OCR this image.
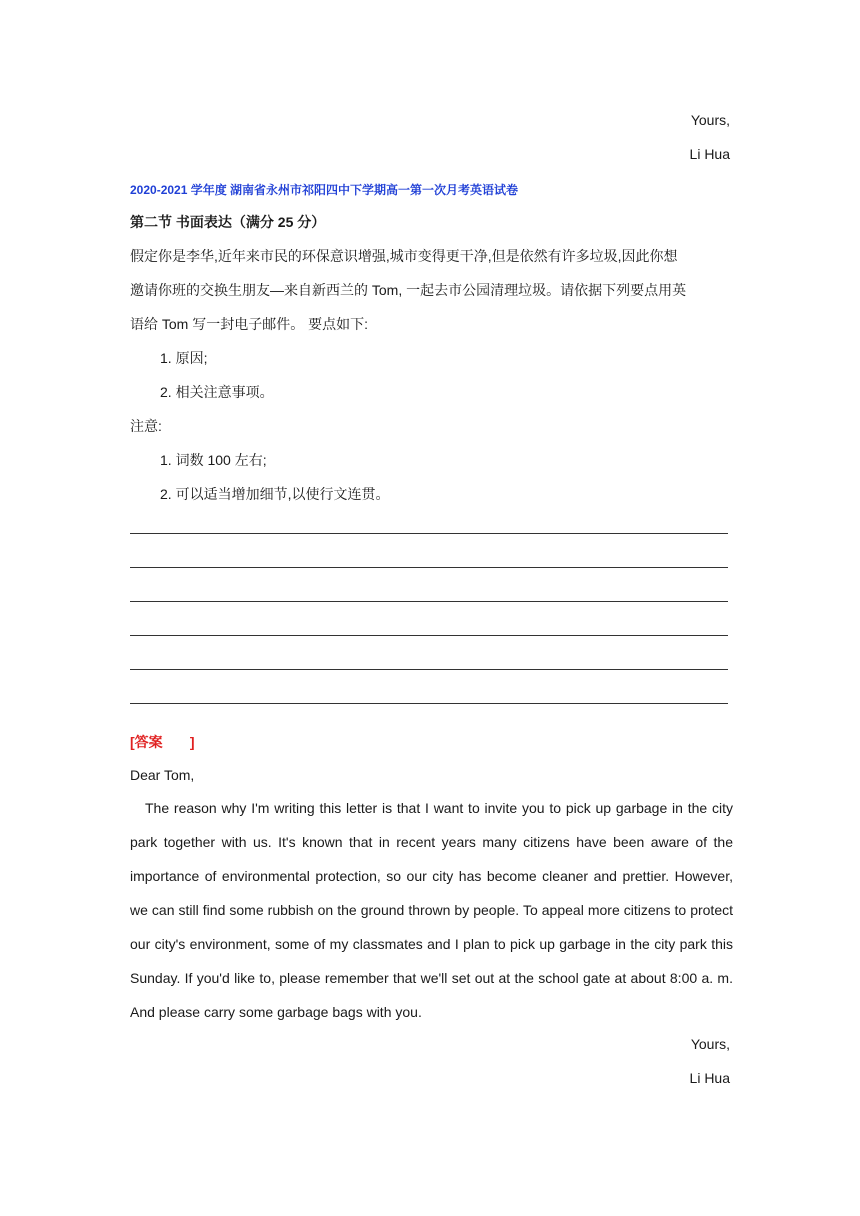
Yours,
Li Hua
2020-2021 学年度 湖南省永州市祁阳四中下学期高一第一次月考英语试卷
第二节 书面表达（满分 25 分）
假定你是李华,近年来市民的环保意识增强,城市变得更干净,但是依然有许多垃圾,因此你想
邀请你班的交换生朋友—来自新西兰的 Tom, 一起去市公园清理垃圾。请依据下列要点用英
语给 Tom 写一封电子邮件。 要点如下:
1. 原因;
2. 相关注意事项。
注意:
1. 词数 100 左右;
2. 可以适当增加细节,以使行文连贯。
[答案       ]
Dear Tom,
The reason why I'm writing this letter is that I want to invite you to pick up garbage in the city park together with us. It's known that in recent years many citizens have been aware of the importance of environmental protection, so our city has become cleaner and prettier. However, we can still find some rubbish on the ground thrown by people. To appeal more citizens to protect our city's environment, some of my classmates and I plan to pick up garbage in the city park this Sunday. If you'd like to, please remember that we'll set out at the school gate at about 8:00 a. m. And please carry some garbage bags with you.
Yours,
Li Hua
